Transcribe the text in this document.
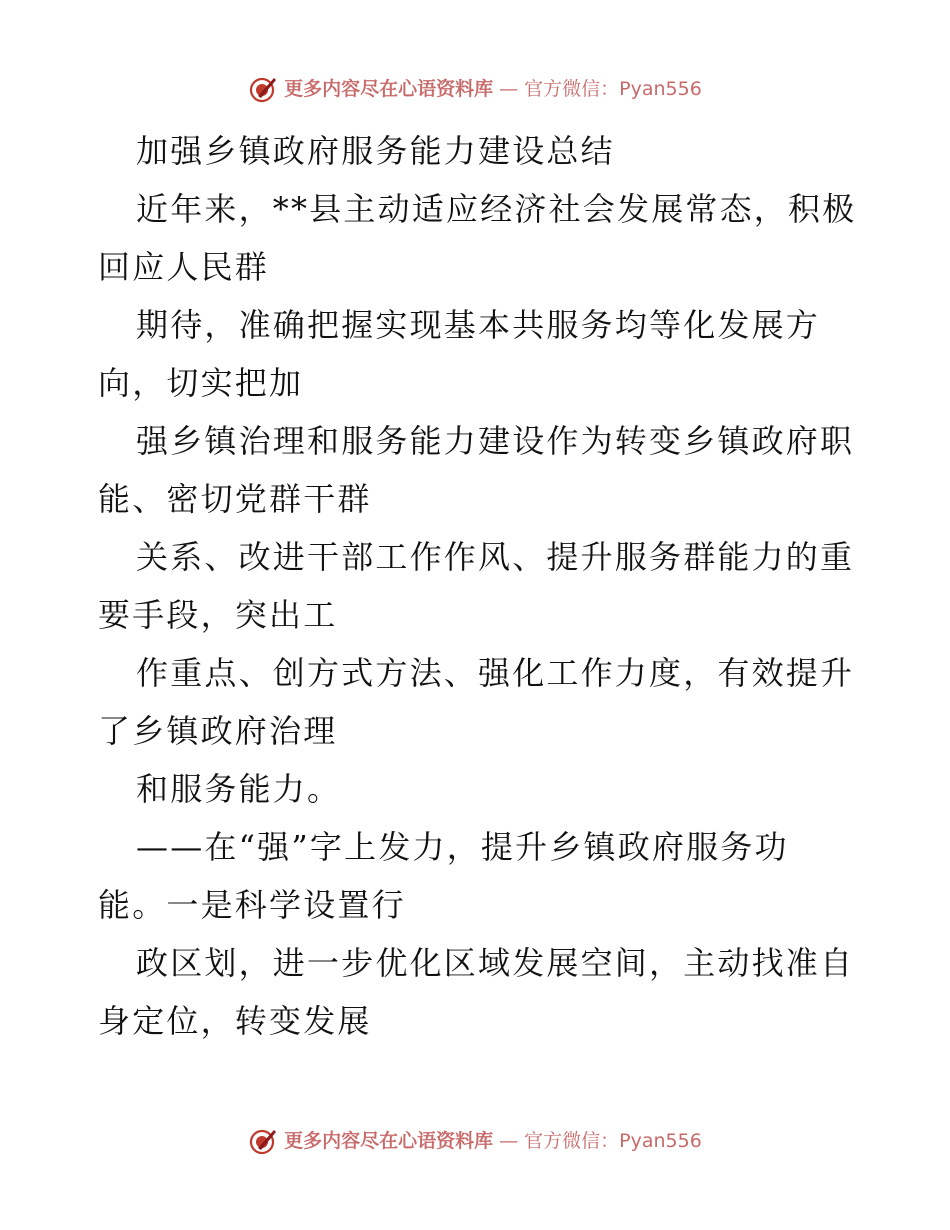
更多内容尽在心语资料库 — 官方微信：Pyan556
加强乡镇政府服务能力建设总结
近年来，**县主动适应经济社会发展常态，积极
回应人民群
期待，准确把握实现基本共服务均等化发展方
向，切实把加
强乡镇治理和服务能力建设作为转变乡镇政府职
能、密切党群干群
关系、改进干部工作作风、提升服务群能力的重
要手段，突出工
作重点、创方式方法、强化工作力度，有效提升
了乡镇政府治理
和服务能力。
——在“强”字上发力，提升乡镇政府服务功
能。一是科学设置行
政区划，进一步优化区域发展空间，主动找准自
身定位，转变发展
更多内容尽在心语资料库 — 官方微信：Pyan556
